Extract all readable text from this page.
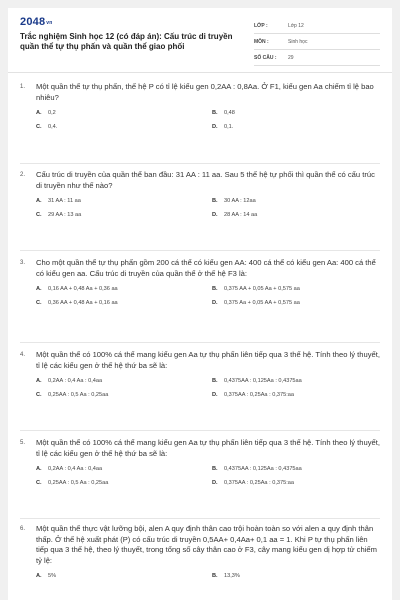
$2048^{vn}$
Trắc nghiệm Sinh học 12 (có đáp án): Cấu trúc di truyền quần thể tự thụ phấn và quần thể giao phối
LỚP :	Lớp 12
MÔN :	Sinh học
SỐ CÂU :	29
1. Một quần thể tự thụ phấn, thế hệ P có tỉ lệ kiểu gen 0,2AA : 0,8Aa. Ở F1, kiểu gen Aa chiếm tỉ lệ bao nhiêu?
A.	0,2	B.	0,48
C.	0,4.	D.	0,1.
2. Cấu trúc di truyền của quần thể ban đầu: 31 AA : 11 aa. Sau 5 thế hệ tự phối thì quần thể có cấu trúc di truyền như thế nào?
A.	31 AA : 11 aa	B.	30 AA : 12aa
C.	29 AA : 13 aa	D.	28 AA : 14 aa
3. Cho một quần thể tự thụ phấn gồm 200 cá thể có kiểu gen AA: 400 cá thể có kiểu gen Aa: 400 cá thể có kiểu gen aa. Cấu trúc di truyền của quần thể ở thế hệ F3 là:
A.	0,16 AA + 0,48 Aa + 0,36 aa	B.	0,375 AA + 0,05 Aa + 0,575 aa
C.	0,36 AA + 0,48 Aa + 0,16 aa	D.	0,375 Aa + 0,05 AA + 0,575 aa
4. Một quần thể có 100% cá thể mang kiểu gen Aa tự thụ phấn liên tiếp qua 3 thế hệ. Tính theo lý thuyết, tỉ lệ các kiểu gen ở thế hệ thứ ba sẽ là:
A.	0,2AA : 0,4 Aa : 0,4aa	B.	0,4375AA : 0,125Aa : 0,4375aa
C.	0,25AA : 0,5 Aa : 0,25aa	D.	0,375AA : 0,25Aa : 0,375:aa
5. Một quần thể có 100% cá thể mang kiểu gen Aa tự thụ phấn liên tiếp qua 3 thế hệ. Tính theo lý thuyết, tỉ lệ các kiểu gen ở thế hệ thứ ba sẽ là:
A.	0,2AA : 0,4 Aa : 0,4aa	B.	0,4375AA : 0,125Aa : 0,4375aa
C.	0,25AA : 0,5 Aa : 0,25aa	D.	0,375AA : 0,25Aa : 0,375:aa
6. Một quần thể thực vật lưỡng bội, alen A quy định thân cao trội hoàn toàn so với alen a quy định thân thấp. Ở thế hệ xuất phát (P) có cấu trúc di truyền 0,5AA+ 0,4Aa+ 0,1 aa = 1. Khi P tự thụ phấn liên tiếp qua 3 thế hệ, theo lý thuyết, trong tổng số cây thân cao ở F3, cây mang kiểu gen dị hợp tử chiếm tỷ lệ:
A.	5%	B.	13,3%
